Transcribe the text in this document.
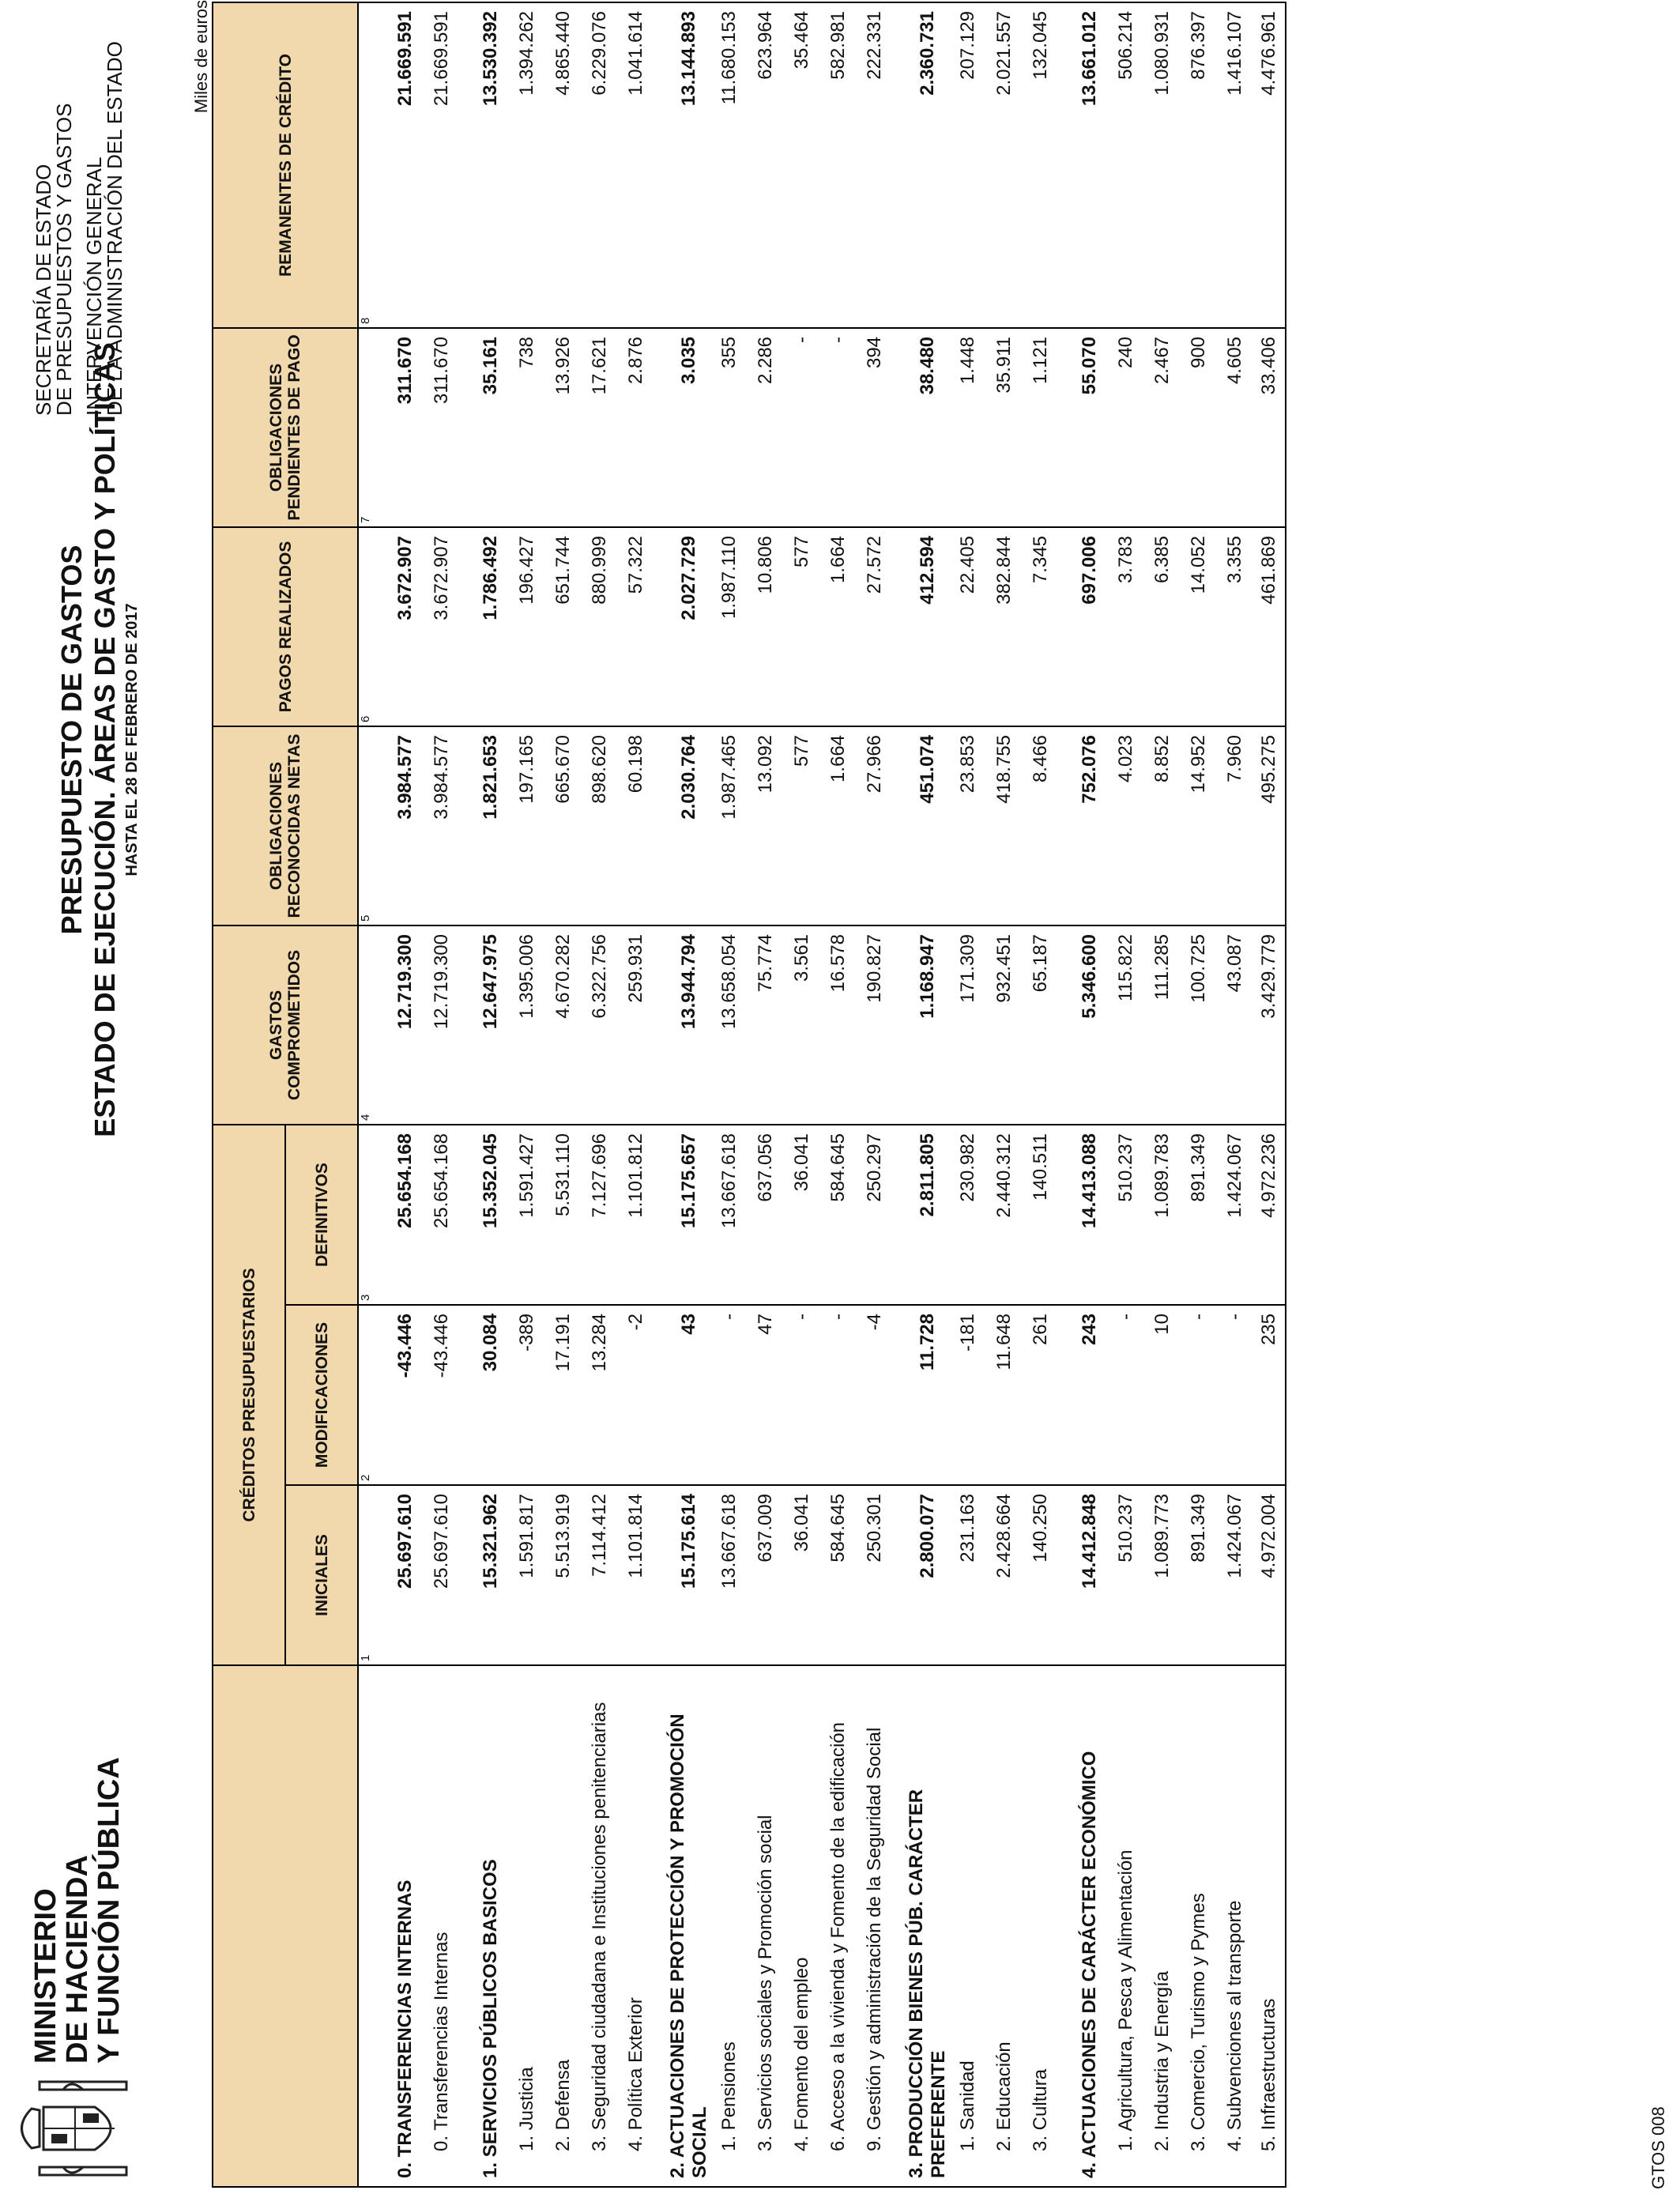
MINISTERIO
DE HACIENDA
Y FUNCIÓN PÚBLICA
PRESUPUESTO DE GASTOS ESTADO DE EJECUCIÓN. ÁREAS DE GASTO Y POLÍTICAS HASTA EL 28 DE FEBRERO DE 2017
SECRETARÍA DE ESTADO
DE PRESUPUESTOS Y GASTOS INTERVENCIÓN GENERAL
DE LA ADMINISTRACIÓN DEL ESTADO	Miles de euros
	CRÉDITOS PRESUPUESTARIOS			GASTOS COMPROMETIDOS	OBLIGACIONES RECONOCIDAS NETAS	PAGOS REALIZADOS	OBLIGACIONES PENDIENTES DE PAGO	REMANENTES DE CRÉDITO
	INICIALES	MODIFICACIONES	DEFINITIVOS					
	1	2	3	4	5	6	7	8
0. TRANSFERENCIAS INTERNAS	25.697.610	-43.446	25.654.168	12.719.300	3.984.577	3.672.907	311.670	21.669.591
0. Transferencias Internas	25.697.610	-43.446	25.654.168	12.719.300	3.984.577	3.672.907	311.670	21.669.591
1. SERVICIOS PÚBLICOS BASICOS	15.321.962	30.084	15.352.045	12.647.975	1.821.653	1.786.492	35.161	13.530.392
1. Justicia	1.591.817	-389	1.591.427	1.395.006	197.165	196.427	738	1.394.262
2. Defensa	5.513.919	17.191	5.531.110	4.670.282	665.670	651.744	13.926	4.865.440
3. Seguridad ciudadana e Instituciones penitenciarias	7.114.412	13.284	7.127.696	6.322.756	898.620	880.999	17.621	6.229.076
4. Política Exterior	1.101.814	-2	1.101.812	259.931	60.198	57.322	2.876	1.041.614
2. ACTUACIONES DE PROTECCIÓN Y PROMOCIÓN SOCIAL	15.175.614	43	15.175.657	13.944.794	2.030.764	2.027.729	3.035	13.144.893
1. Pensiones	13.667.618	-	13.667.618	13.658.054	1.987.465	1.987.110	355	11.680.153
3. Servicios sociales y Promoción social	637.009	47	637.056	75.774	13.092	10.806	2.286	623.964
4. Fomento del empleo	36.041	-	36.041	3.561	577	577	-	35.464
6. Acceso a la vivienda y Fomento de la edificación	584.645	-	584.645	16.578	1.664	1.664	-	582.981
9. Gestión y administración de la Seguridad Social	250.301	-4	250.297	190.827	27.966	27.572	394	222.331
3. PRODUCCIÓN BIENES PÚB. CARÁCTER PREFERENTE	2.800.077	11.728	2.811.805	1.168.947	451.074	412.594	38.480	2.360.731
1. Sanidad	231.163	-181	230.982	171.309	23.853	22.405	1.448	207.129
2. Educación	2.428.664	11.648	2.440.312	932.451	418.755	382.844	35.911	2.021.557
3. Cultura	140.250	261	140.511	65.187	8.466	7.345	1.121	132.045
4. ACTUACIONES DE CARÁCTER ECONÓMICO	14.412.848	243	14.413.088	5.346.600	752.076	697.006	55.070	13.661.012
1. Agricultura, Pesca y Alimentación	510.237	-	510.237	115.822	4.023	3.783	240	506.214
2. Industria y Energía	1.089.773	10	1.089.783	111.285	8.852	6.385	2.467	1.080.931
3. Comercio, Turismo y Pymes	891.349	-	891.349	100.725	14.952	14.052	900	876.397
4. Subvenciones al transporte	1.424.067	-	1.424.067	43.087	7.960	3.355	4.605	1.416.107
5. Infraestructuras	4.972.004	235	4.972.236	3.429.779	495.275	461.869	33.406	4.476.961
GTOS 008
